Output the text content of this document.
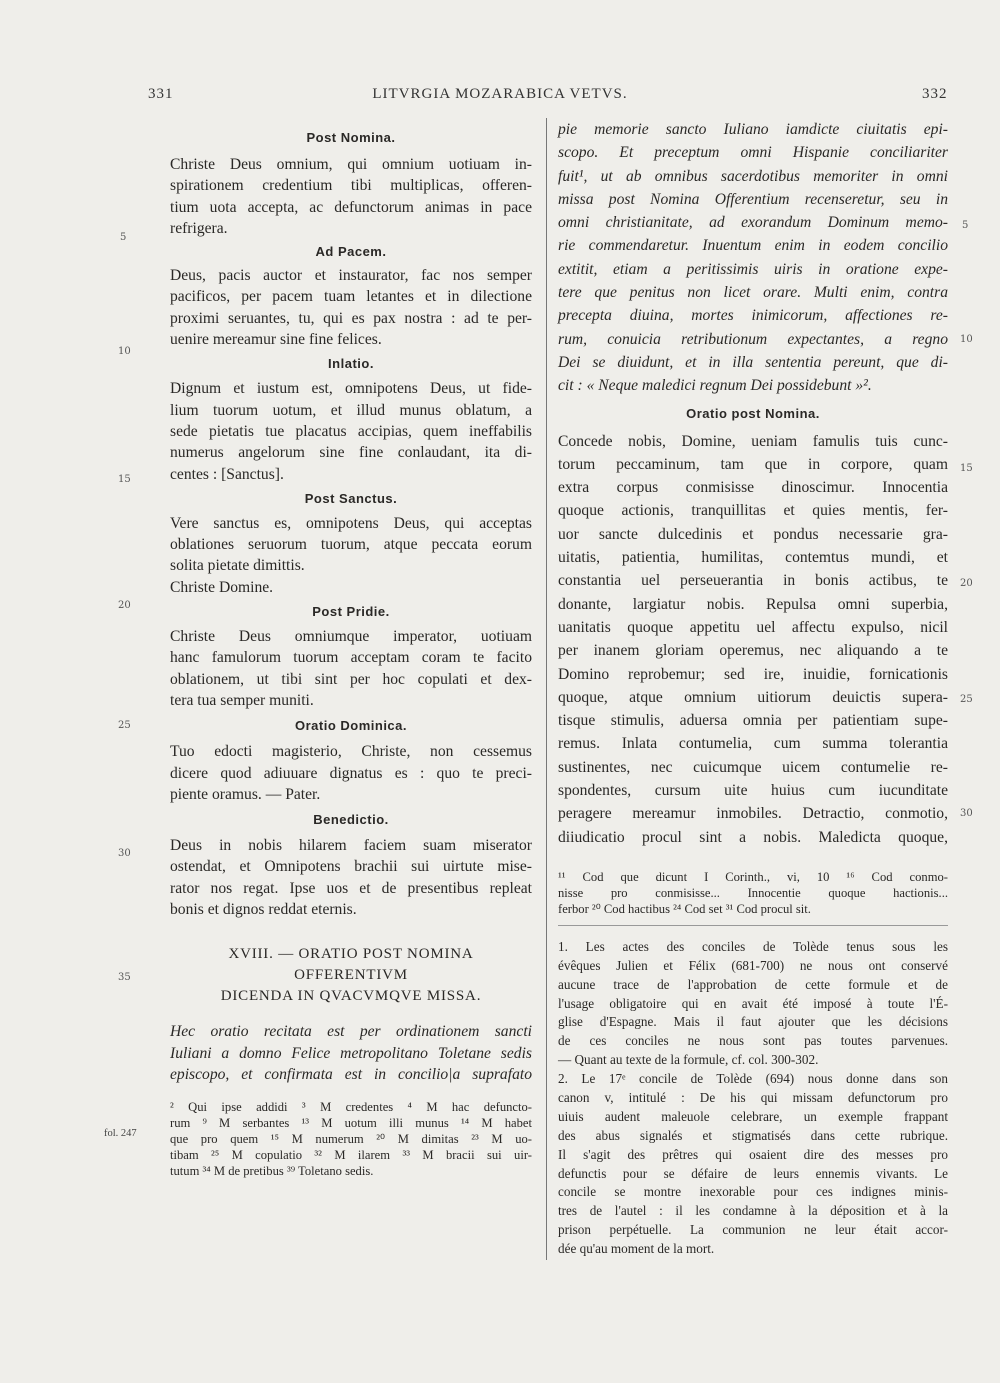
331	LITVRGIA MOZARABICA VETVS.	332
Post Nomina.
Christe Deus omnium, qui omnium uotiuam in-
spirationem credentium tibi multiplicas, offeren-
tium uota accepta, ac defunctorum animas in pace
refrigera.
Ad Pacem.
Deus, pacis auctor et instaurator, fac nos semper
pacificos, per pacem tuam letantes et in dilectione
proximi seruantes, tu, qui es pax nostra : ad te per-
uenire mereamur sine fine felices.
Inlatio.
Dignum et iustum est, omnipotens Deus, ut fide-
lium tuorum uotum, et illud munus oblatum, a
sede pietatis tue placatus accipias, quem ineffabilis
numerus angelorum sine fine conlaudant, ita di-
centes : [Sanctus].
Post Sanctus.
Vere sanctus es, omnipotens Deus, qui acceptas
oblationes seruorum tuorum, atque peccata eorum
solita pietate dimittis.
Christe Domine.
Post Pridie.
Christe Deus omniumque imperator, uotiuam
hanc famulorum tuorum acceptam coram te facito
oblationem, ut tibi sint per hoc copulati et dex-
tera tua semper muniti.
Oratio Dominica.
Tuo edocti magisterio, Christe, non cessemus
dicere quod adiuuare dignatus es : quo te preci-
piente oramus. — Pater.
Benedictio.
Deus in nobis hilarem faciem suam miserator
ostendat, et Omnipotens brachii sui uirtute mise-
rator nos regat. Ipse uos et de presentibus repleat
bonis et dignos reddat eternis.
XVIII. — ORATIO POST NOMINA OFFERENTIVM
DICENDA IN QVACVMQVE MISSA.
Hec oratio recitata est per ordinationem sancti
Iuliani a domno Felice metropolitano Toletane sedis
episcopo, et confirmata est in concilio|a suprafato
² Qui ipse addidi ³ M credentes ⁴ M hac defuncto-
rum ⁹ M serbantes ¹³ M uotum illi munus ¹⁴ M habet
que pro quem ¹⁵ M numerum ²⁰ M dimitas ²³ M uo-
tibam ²⁵ M copulatio ³² M ilarem ³³ M bracii sui uir-
tutum ³⁴ M de pretibus ³⁹ Toletano sedis.
pie memorie sancto Iuliano iamdicte ciuitatis epi-
scopo. Et preceptum omni Hispanie conciliariter
fuit¹, ut ab omnibus sacerdotibus memoriter in omni
missa post Nomina Offerentium recenseretur, seu in
omni christianitate, ad exorandum Dominum memo-
rie commendaretur. Inuentum enim in eodem concilio
extitit, etiam a peritissimis uiris in oratione expe-
tere que penitus non licet orare. Multi enim, contra
precepta diuina, mortes inimicorum, affectiones re-
rum, conuicia retributionum expectantes, a regno
Dei se diuidunt, et in illa sententia pereunt, que di-
cit : « Neque maledici regnum Dei possidebunt »².
Oratio post Nomina.
Concede nobis, Domine, ueniam famulis tuis cunc-
torum peccaminum, tam que in corpore, quam
extra corpus conmisisse dinoscimur. Innocentia
quoque actionis, tranquillitas et quies mentis, fer-
uor sancte dulcedinis et pondus necessarie gra-
uitatis, patientia, humilitas, contemtus mundi, et
constantia uel perseuerantia in bonis actibus, te
donante, largiatur nobis. Repulsa omni superbia,
uanitatis quoque appetitu uel affectu expulso, nicil
per inanem gloriam operemus, nec aliquando a te
Domino reprobemur; sed ire, inuidie, fornicationis
quoque, atque omnium uitiorum deuictis supera-
tisque stimulis, aduersa omnia per patientiam supe-
remus. Inlata contumelia, cum summa tolerantia
sustinentes, nec cuicumque uicem contumelie re-
spondentes, cursum uite huius cum iucunditate
peragere mereamur inmobiles. Detractio, conmotio,
diiudicatio procul sint a nobis. Maledicta quoque,
¹¹ Cod que dicunt I Corinth., vi, 10 ¹⁶ Cod conmo-
nisse pro conmisisse... Innocentie quoque hactionis...
ferbor ²⁰ Cod hactibus ²⁴ Cod set ³¹ Cod procul sit.
1. Les actes des conciles de Tolède tenus sous les
évêques Julien et Félix (681-700) ne nous ont conservé
aucune trace de l'approbation de cette formule et de
l'usage obligatoire qui en avait été imposé à toute l'É-
glise d'Espagne. Mais il faut ajouter que les décisions
de ces conciles ne nous sont pas toutes parvenues.
— Quant au texte de la formule, cf. col. 300-302.
2. Le 17ᵉ concile de Tolède (694) nous donne dans son
canon v, intitulé : De his qui missam defunctorum pro
uiuis audent maleuole celebrare, un exemple frappant
des abus signalés et stigmatisés dans cette rubrique.
Il s'agit des prêtres qui osaient dire des messes pro
defunctis pour se défaire de leurs ennemis vivants. Le
concile se montre inexorable pour ces indignes minis-
tres de l'autel : il les condamne à la déposition et à la
prison perpétuelle. La communion ne leur était accor-
dée qu'au moment de la mort.
5
10
15
20
25
30
35
fol. 247
5
10
15
20
25
30
